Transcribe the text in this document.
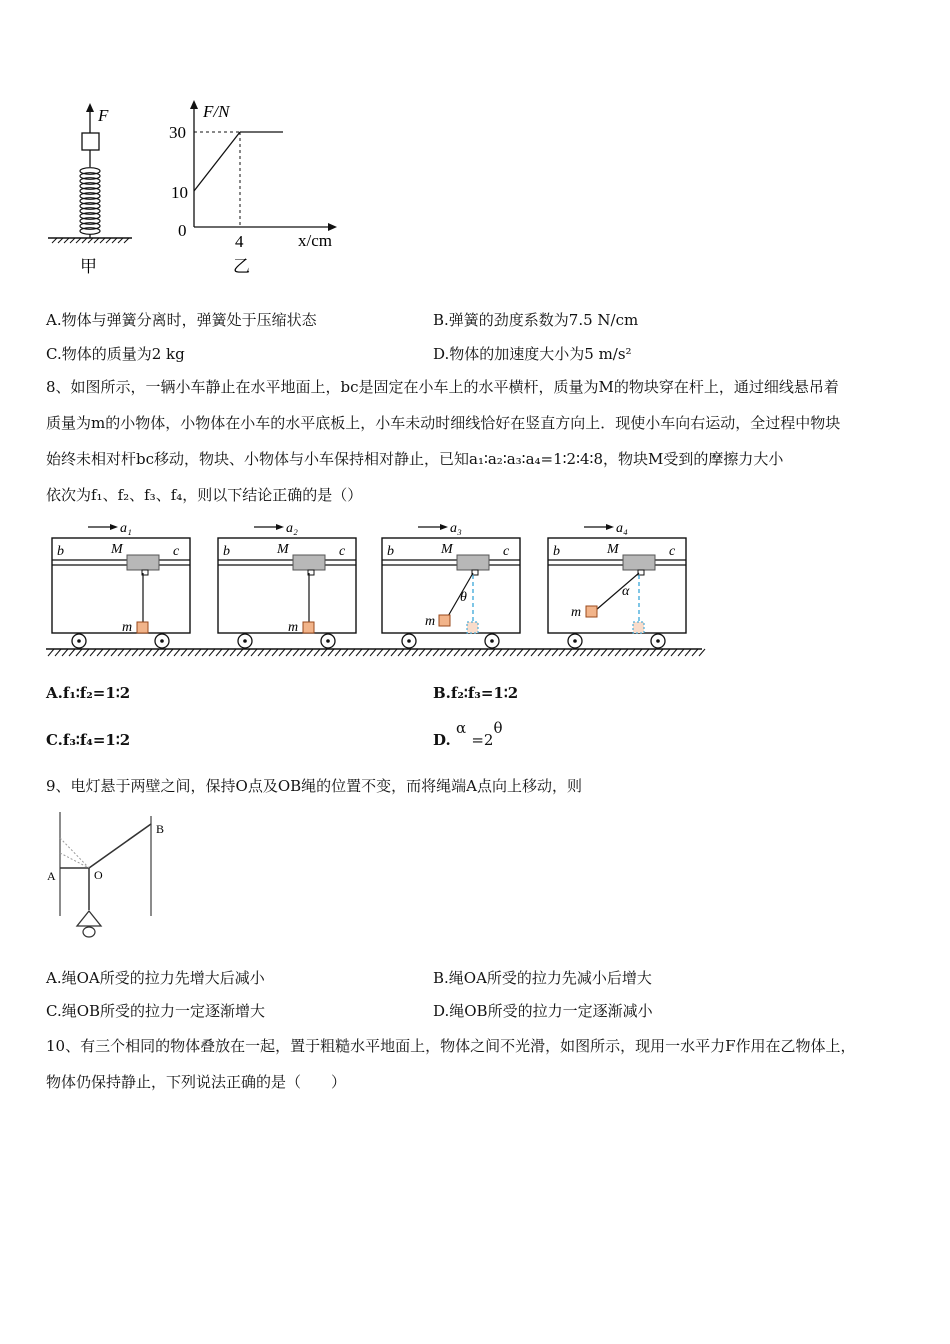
F
甲
F/N
x/cm
30
10
0
4
乙
A.物体与弹簧分离时，弹簧处于压缩状态	B.弹簧的劲度系数为7.5 N/cm
C.物体的质量为2 kg	D.物体的加速度大小为5 m/s²
8、如图所示，一辆小车静止在水平地面上，bc是固定在小车上的水平横杆，质量为M的物块穿在杆上，通过细线悬吊着
质量为m的小物体，小物体在小车的水平底板上，小车未动时细线恰好在竖直方向上．现使小车向右运动，全过程中物块
始终未相对杆bc移动，物块、小物体与小车保持相对静止，已知a₁∶a₂∶a₃∶a₄=1∶2∶4∶8，物块M受到的摩擦力大小
依次为f₁、f₂、f₃、f₄，则以下结论正确的是（）
a₁
b	c
M
m
a₂
b	c
M
m
a₃
b	c
M
m
θ
a₄
b	c
M
m
α
A.f₁∶f₂=1∶2	B.f₂∶f₃=1∶2
C.f₃∶f₄=1∶2	D. α =2θ
9、电灯悬于两壁之间，保持O点及OB绳的位置不变，而将绳端A点向上移动，则
A	O
B
A.绳OA所受的拉力先增大后减小	B.绳OA所受的拉力先减小后增大
C.绳OB所受的拉力一定逐渐增大	D.绳OB所受的拉力一定逐渐减小
10、有三个相同的物体叠放在一起，置于粗糙水平地面上，物体之间不光滑，如图所示，现用一水平力F作用在乙物体上，
物体仍保持静止，下列说法正确的是（　　）
